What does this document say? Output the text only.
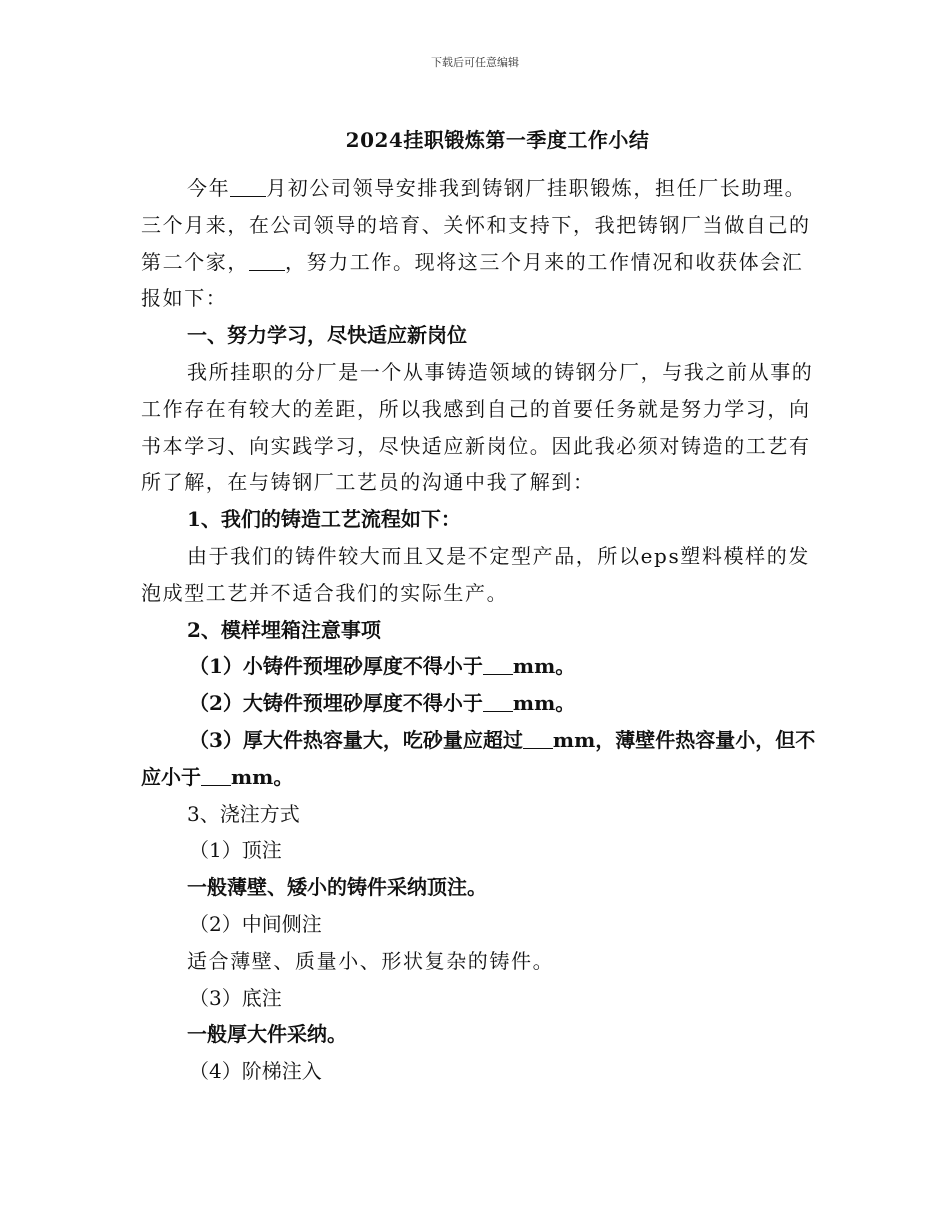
下载后可任意编辑
2024挂职锻炼第一季度工作小结

今年 月初公司领导安排我到铸钢厂挂职锻炼，担任厂长助理。三个月来，在公司领导的培育、关怀和支持下，我把铸钢厂当做自己的第二个家， ，努力工作。现将这三个月来的工作情况和收获体会汇报如下：

一、努力学习，尽快适应新岗位

我所挂职的分厂是一个从事铸造领域的铸钢分厂，与我之前从事的工作存在有较大的差距，所以我感到自己的首要任务就是努力学习，向书本学习、向实践学习，尽快适应新岗位。因此我必须对铸造的工艺有所了解，在与铸钢厂工艺员的沟通中我了解到：

1、我们的铸造工艺流程如下：

由于我们的铸件较大而且又是不定型产品，所以eps塑料模样的发泡成型工艺并不适合我们的实际生产。

2、模样埋箱注意事项

（1）小铸件预埋砂厚度不得小于 mm。

（2）大铸件预埋砂厚度不得小于 mm。

（3）厚大件热容量大，吃砂量应超过 mm，薄壁件热容量小，但不应小于 mm。

3、浇注方式

（1）顶注

一般薄壁、矮小的铸件采纳顶注。

（2）中间侧注

适合薄壁、质量小、形状复杂的铸件。

（3）底注

一般厚大件采纳。

（4）阶梯注入
